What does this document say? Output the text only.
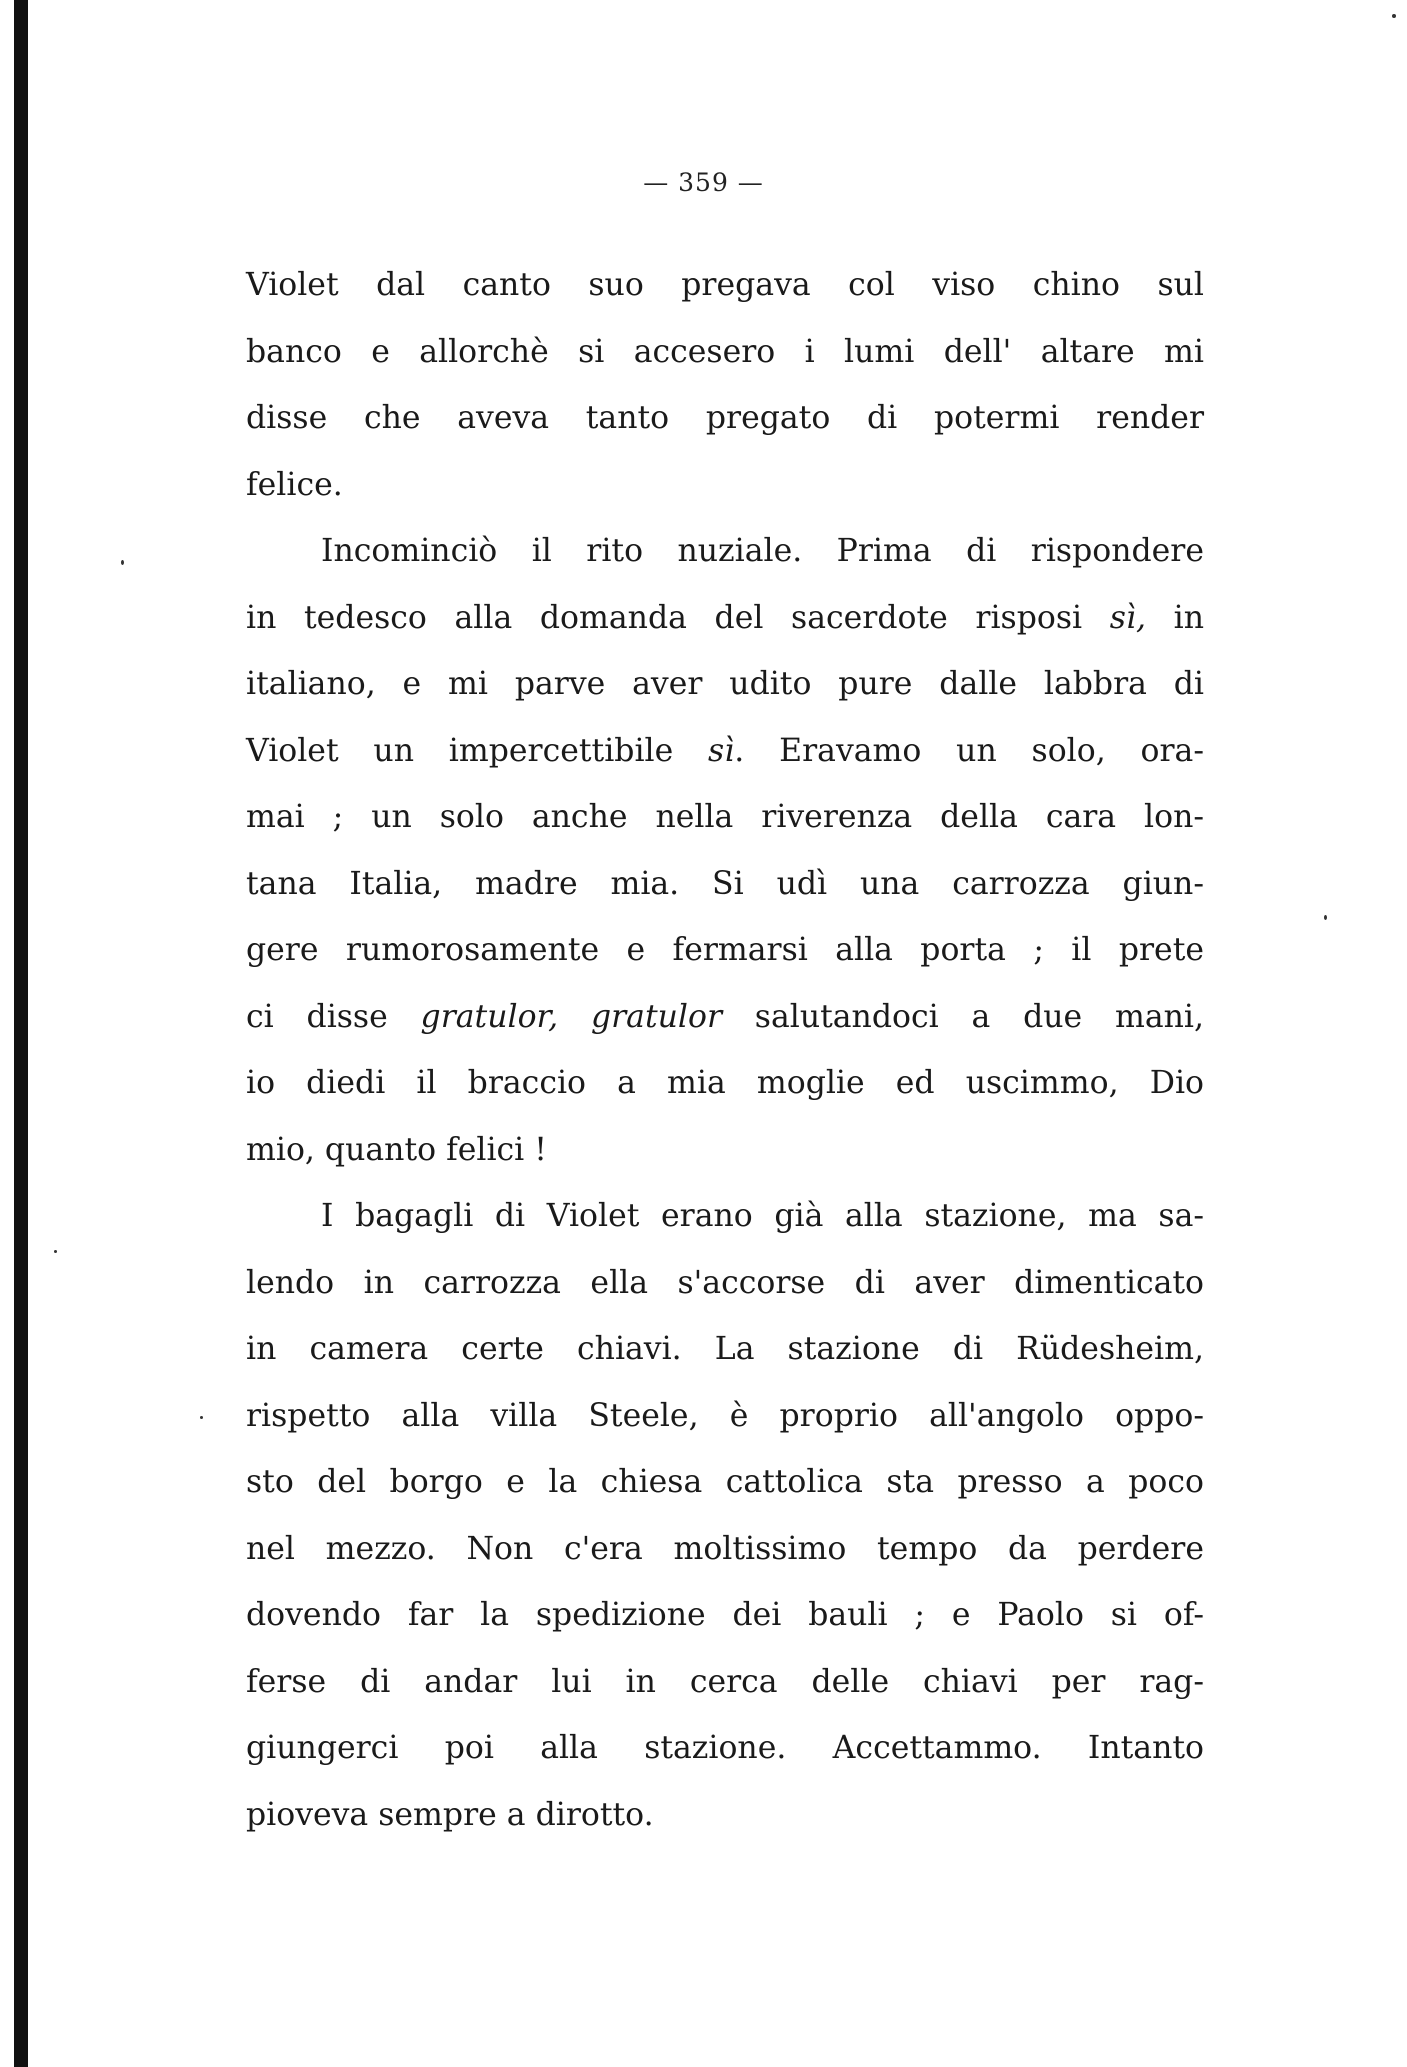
— 359 —
Violet dal canto suo pregava col viso chino sul
banco e allorchè si accesero i lumi dell' altare mi
disse che aveva tanto pregato di potermi render
felice.
Incominciò il rito nuziale. Prima di rispondere
in tedesco alla domanda del sacerdote risposi sì, in
italiano, e mi parve aver udito pure dalle labbra di
Violet un impercettibile sì. Eravamo un solo, ora-
mai ; un solo anche nella riverenza della cara lon-
tana Italia, madre mia. Si udì una carrozza giun-
gere rumorosamente e fermarsi alla porta ; il prete
ci disse gratulor, gratulor salutandoci a due mani,
io diedi il braccio a mia moglie ed uscimmo, Dio
mio, quanto felici !
I bagagli di Violet erano già alla stazione, ma sa-
lendo in carrozza ella s'accorse di aver dimenticato
in camera certe chiavi. La stazione di Rüdesheim,
rispetto alla villa Steele, è proprio all'angolo oppo-
sto del borgo e la chiesa cattolica sta presso a poco
nel mezzo. Non c'era moltissimo tempo da perdere
dovendo far la spedizione dei bauli ; e Paolo si of-
ferse di andar lui in cerca delle chiavi per rag-
giungerci poi alla stazione. Accettammo. Intanto
pioveva sempre a dirotto.
